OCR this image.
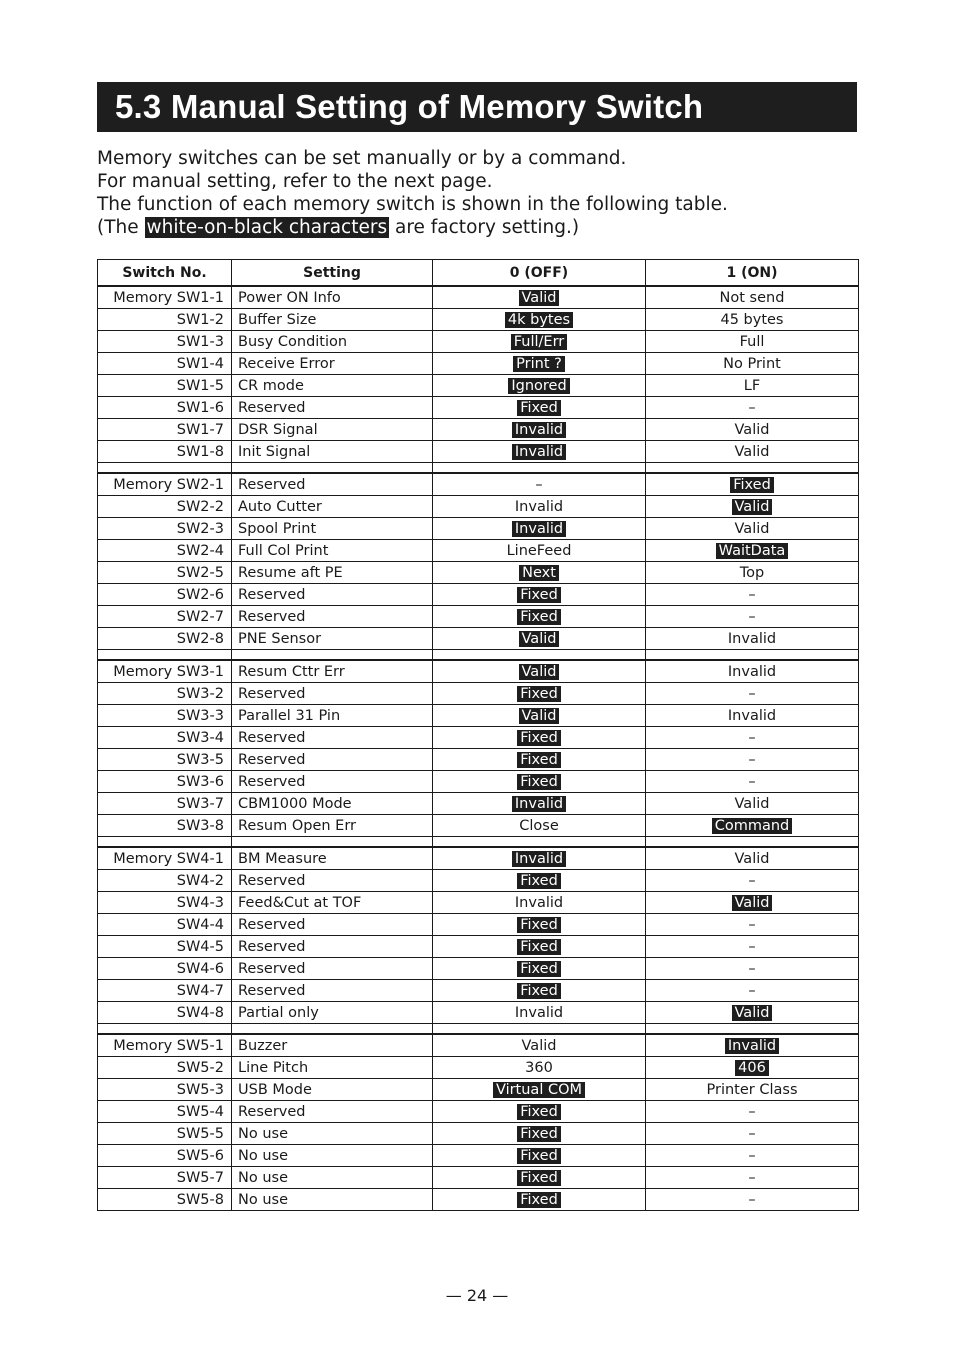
5.3 Manual Setting of Memory Switch

Memory switches can be set manually or by a command.

For manual setting, refer to the next page.

The function of each memory switch is shown in the following table.

(The white-on-black characters are factory setting.)

Switch No.	Setting	0 (OFF)	1 (ON)
Memory SW1-1	Power ON Info	Valid	Not send
SW1-2	Buffer Size	4k bytes	45 bytes
SW1-3	Busy Condition	Full/Err	Full
SW1-4	Receive Error	Print ?	No Print
SW1-5	CR mode	Ignored	LF
SW1-6	Reserved	Fixed	–
SW1-7	DSR Signal	Invalid	Valid
SW1-8	Init Signal	Invalid	Valid

Memory SW2-1	Reserved	–	Fixed
SW2-2	Auto Cutter	Invalid	Valid
SW2-3	Spool Print	Invalid	Valid
SW2-4	Full Col Print	LineFeed	WaitData
SW2-5	Resume aft PE	Next	Top
SW2-6	Reserved	Fixed	–
SW2-7	Reserved	Fixed	–
SW2-8	PNE Sensor	Valid	Invalid

Memory SW3-1	Resum Cttr Err	Valid	Invalid
SW3-2	Reserved	Fixed	–
SW3-3	Parallel 31 Pin	Valid	Invalid
SW3-4	Reserved	Fixed	–
SW3-5	Reserved	Fixed	–
SW3-6	Reserved	Fixed	–
SW3-7	CBM1000 Mode	Invalid	Valid
SW3-8	Resum Open Err	Close	Command

Memory SW4-1	BM Measure	Invalid	Valid
SW4-2	Reserved	Fixed	–
SW4-3	Feed&Cut at TOF	Invalid	Valid
SW4-4	Reserved	Fixed	–
SW4-5	Reserved	Fixed	–
SW4-6	Reserved	Fixed	–
SW4-7	Reserved	Fixed	–
SW4-8	Partial only	Invalid	Valid

Memory SW5-1	Buzzer	Valid	Invalid
SW5-2	Line Pitch	360	406
SW5-3	USB Mode	Virtual COM	Printer Class
SW5-4	Reserved	Fixed	–
SW5-5	No use	Fixed	–
SW5-6	No use	Fixed	–
SW5-7	No use	Fixed	–
SW5-8	No use	Fixed	–
— 24 —
